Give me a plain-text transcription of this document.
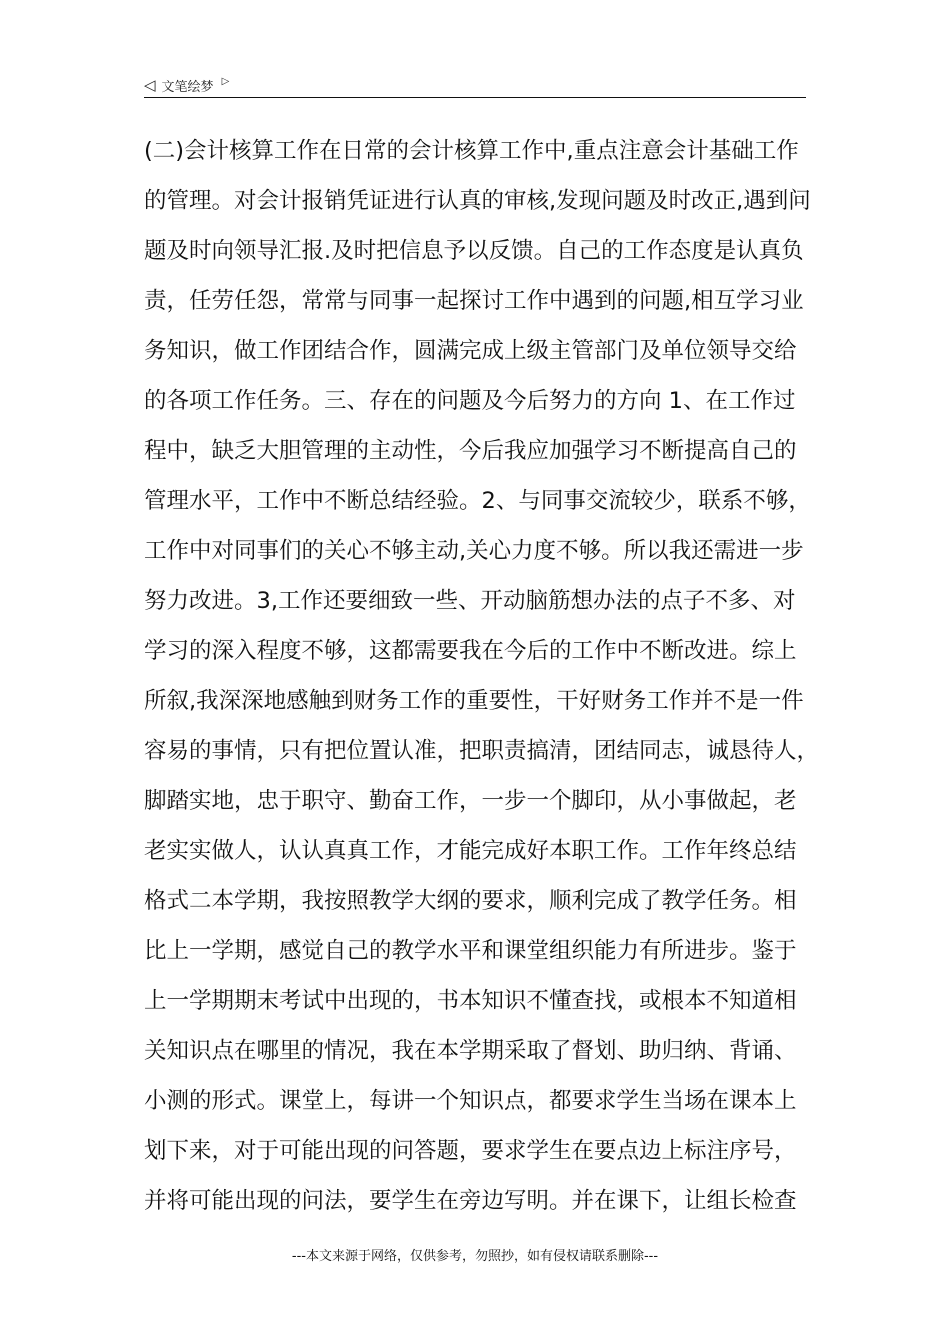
◁ 文笔绘梦 ▷
(二)会计核算工作在日常的会计核算工作中,重点注意会计基础工作
的管理。对会计报销凭证进行认真的审核,发现问题及时改正,遇到问
题及时向领导汇报.及时把信息予以反馈。自己的工作态度是认真负
责，任劳任怨，常常与同事一起探讨工作中遇到的问题,相互学习业
务知识，做工作团结合作，圆满完成上级主管部门及单位领导交给
的各项工作任务。三、存在的问题及今后努力的方向 1、在工作过
程中，缺乏大胆管理的主动性，今后我应加强学习不断提高自己的
管理水平，工作中不断总结经验。2、与同事交流较少，联系不够，
工作中对同事们的关心不够主动,关心力度不够。所以我还需进一步
努力改进。3,工作还要细致一些、开动脑筋想办法的点子不多、对
学习的深入程度不够，这都需要我在今后的工作中不断改进。综上
所叙,我深深地感触到财务工作的重要性，干好财务工作并不是一件
容易的事情，只有把位置认准，把职责搞清，团结同志，诚恳待人，
脚踏实地，忠于职守、勤奋工作，一步一个脚印，从小事做起，老
老实实做人，认认真真工作，才能完成好本职工作。工作年终总结
格式二本学期，我按照教学大纲的要求，顺利完成了教学任务。相
比上一学期，感觉自己的教学水平和课堂组织能力有所进步。鉴于
上一学期期末考试中出现的，书本知识不懂查找，或根本不知道相
关知识点在哪里的情况，我在本学期采取了督划、助归纳、背诵、
小测的形式。课堂上，每讲一个知识点，都要求学生当场在课本上
划下来，对于可能出现的问答题，要求学生在要点边上标注序号，
并将可能出现的问法，要学生在旁边写明。并在课下，让组长检查
---本文来源于网络，仅供参考，勿照抄，如有侵权请联系删除---
